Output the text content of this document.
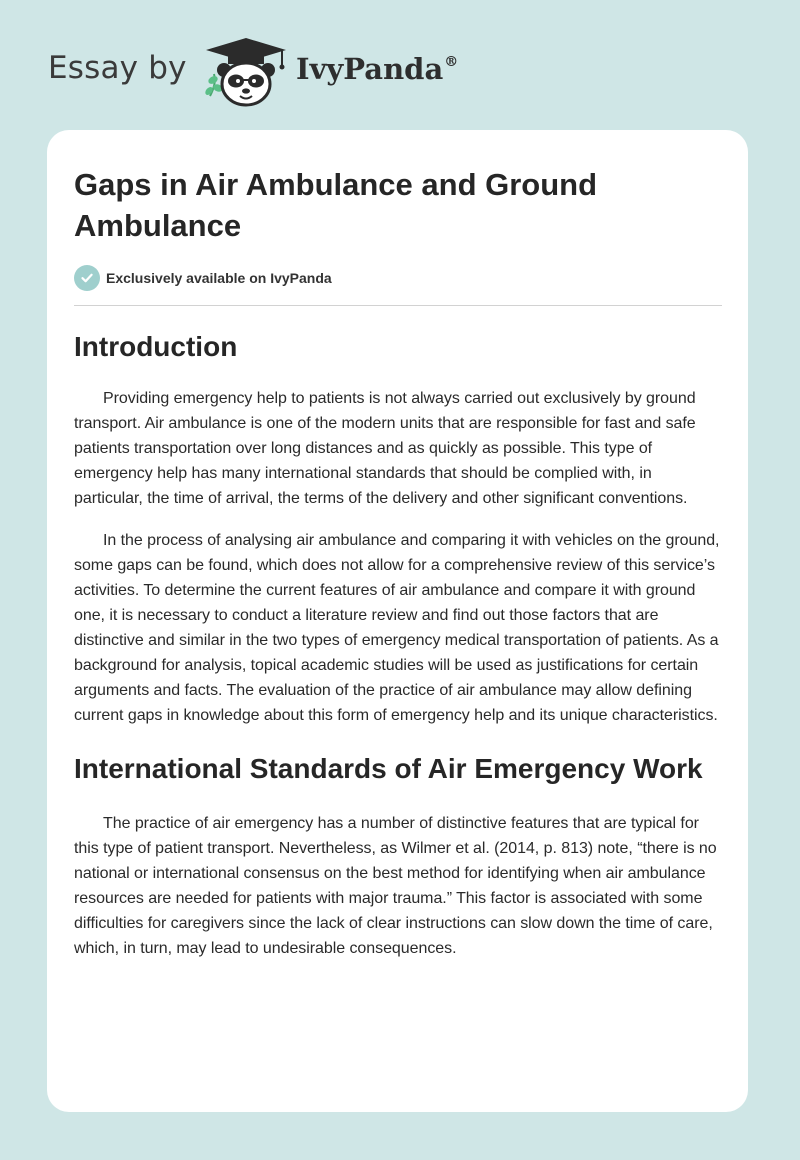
Essay by	IvyPanda®
Gaps in Air Ambulance and Ground Ambulance
Exclusively available on IvyPanda
Introduction

Providing emergency help to patients is not always carried out exclusively by ground transport. Air ambulance is one of the modern units that are responsible for fast and safe patients transportation over long distances and as quickly as possible. This type of emergency help has many international standards that should be complied with, in particular, the time of arrival, the terms of the delivery and other significant conventions.

In the process of analysing air ambulance and comparing it with vehicles on the ground, some gaps can be found, which does not allow for a comprehensive review of this service’s activities. To determine the current features of air ambulance and compare it with ground one, it is necessary to conduct a literature review and find out those factors that are distinctive and similar in the two types of emergency medical transportation of patients. As a background for analysis, topical academic studies will be used as justifications for certain arguments and facts. The evaluation of the practice of air ambulance may allow defining current gaps in knowledge about this form of emergency help and its unique characteristics.

International Standards of Air Emergency Work

The practice of air emergency has a number of distinctive features that are typical for this type of patient transport. Nevertheless, as Wilmer et al. (2014, p. 813) note, “there is no national or international consensus on the best method for identifying when air ambulance resources are needed for patients with major trauma.” This factor is associated with some difficulties for caregivers since the lack of clear instructions can slow down the time of care, which, in turn, may lead to undesirable consequences.
